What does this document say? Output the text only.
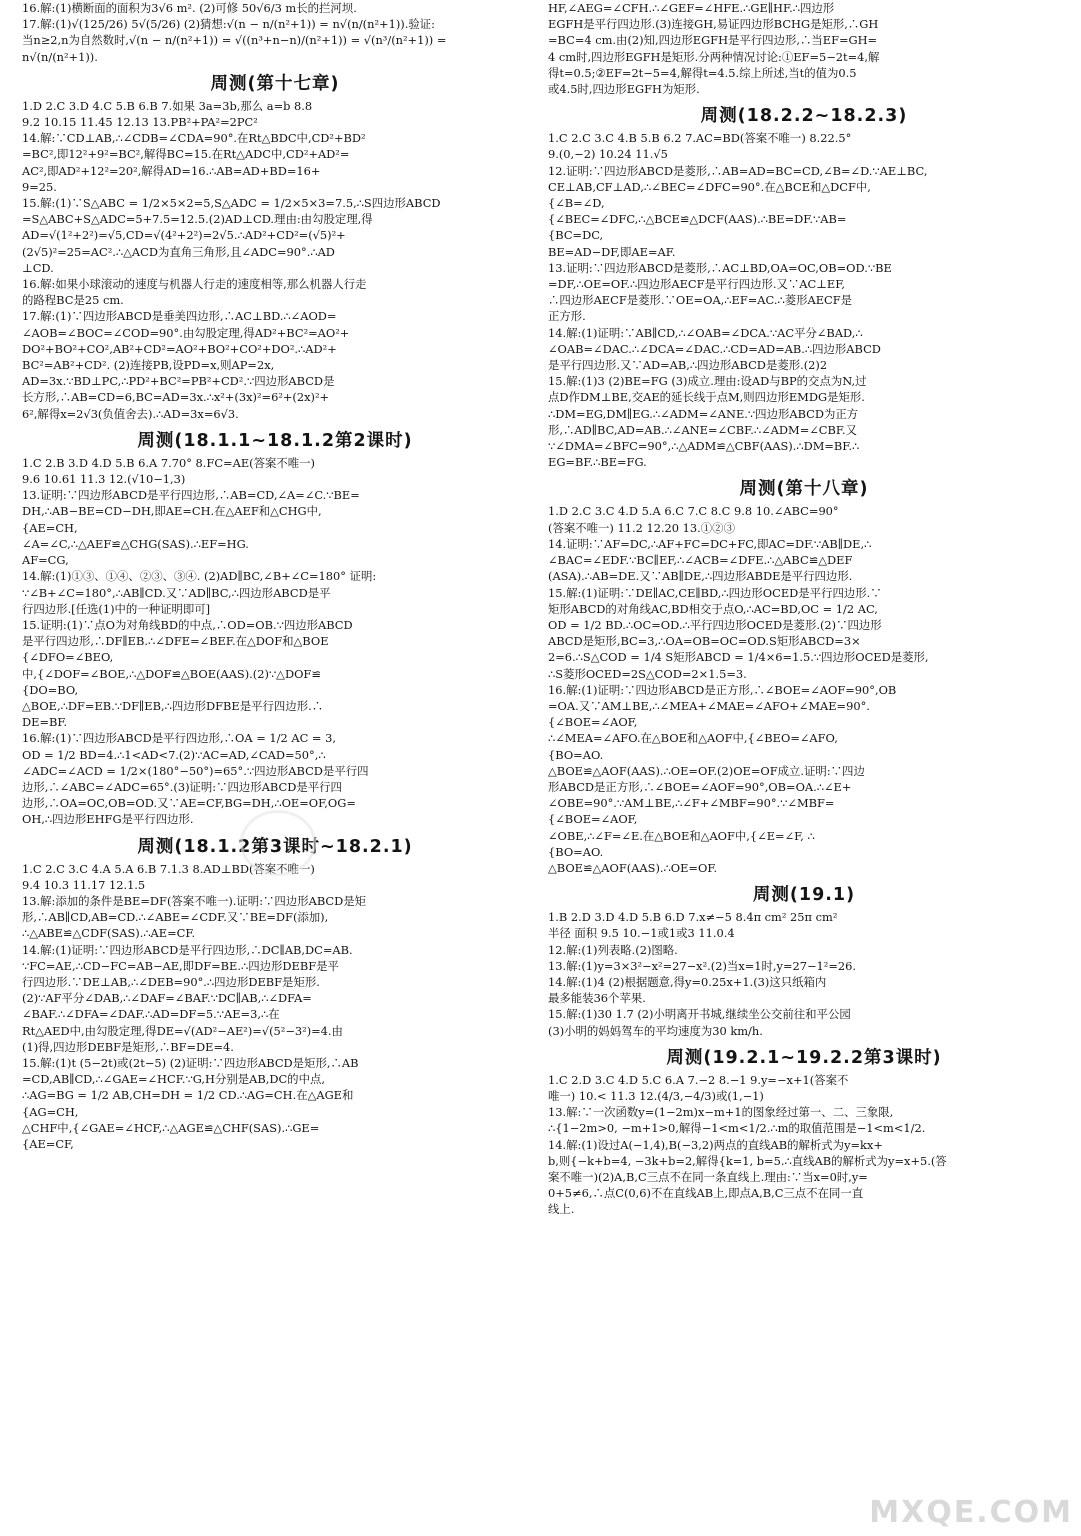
16.解:(1)横断面的面积为3√6 m². (2)可修 50√6/3 m长的拦河坝.
17.解:(1)√(125/26) 5√(5/26) (2)猜想:√(n − n/(n²+1)) = n√(n/(n²+1)).验证:
当n≥2,n为自然数时,√(n − n/(n²+1)) = √((n³+n−n)/(n²+1)) = √(n³/(n²+1)) =
n√(n/(n²+1)).
周测(第十七章)
1.D 2.C 3.D 4.C 5.B 6.B 7.如果 3a=3b,那么 a=b 8.8
9.2 10.15 11.45 12.13 13.PB²+PA²=2PC²
14.解:∵CD⊥AB,∴∠CDB=∠CDA=90°.在Rt△BDC中,CD²+BD²
=BC²,即12²+9²=BC²,解得BC=15.在Rt△ADC中,CD²+AD²=
AC²,即AD²+12²=20²,解得AD=16.∴AB=AD+BD=16+
9=25.
15.解:(1)∵S△ABC = 1/2×5×2=5,S△ADC = 1/2×5×3=7.5,∴S四边形ABCD
=S△ABC+S△ADC=5+7.5=12.5.(2)AD⊥CD.理由:由勾股定理,得
AD=√(1²+2²)=√5,CD=√(4²+2²)=2√5.∴AD²+CD²=(√5)²+
(2√5)²=25=AC².∴△ACD为直角三角形,且∠ADC=90°.∴AD
⊥CD.
16.解:如果小球滚动的速度与机器人行走的速度相等,那么机器人行走
的路程BC是25 cm.
17.解:(1)∵四边形ABCD是垂美四边形,∴AC⊥BD.∴∠AOD=
∠AOB=∠BOC=∠COD=90°.由勾股定理,得AD²+BC²=AO²+
DO²+BO²+CO²,AB²+CD²=AO²+BO²+CO²+DO².∴AD²+
BC²=AB²+CD². (2)连接PB,设PD=x,则AP=2x,
AD=3x.∵BD⊥PC,∴PD²+BC²=PB²+CD².∵四边形ABCD是
长方形,∴AB=CD=6,BC=AD=3x.∴x²+(3x)²=6²+(2x)²+
6²,解得x=2√3(负值舍去).∴AD=3x=6√3.
周测(18.1.1~18.1.2第2课时)
1.C 2.B 3.D 4.D 5.B 6.A 7.70° 8.FC=AE(答案不唯一)
9.6 10.61 11.3 12.(√10−1,3)
13.证明:∵四边形ABCD是平行四边形,∴AB=CD,∠A=∠C.∵BE=
DH,∴AB−BE=CD−DH,即AE=CH.在△AEF和△CHG中,
{AE=CH,
∠A=∠C,∴△AEF≌△CHG(SAS).∴EF=HG.
AF=CG,
14.解:(1)①③、①④、②③、③④. (2)AD∥BC,∠B+∠C=180° 证明:
∵∠B+∠C=180°,∴AB∥CD.又∵AD∥BC,∴四边形ABCD是平
行四边形.[任选(1)中的一种证明即可]
15.证明:(1)∵点O为对角线BD的中点,∴OD=OB.∵四边形ABCD
是平行四边形,∴DF∥EB.∴∠DFE=∠BEF.在△DOF和△BOE
{∠DFO=∠BEO,
中,{∠DOF=∠BOE,∴△DOF≌△BOE(AAS).(2)∵△DOF≌
{DO=BO,
△BOE,∴DF=EB.∵DF∥EB,∴四边形DFBE是平行四边形.∴
DE=BF.
16.解:(1)∵四边形ABCD是平行四边形,∴OA = 1/2 AC = 3,
OD = 1/2 BD=4.∴1<AD<7.(2)∵AC=AD,∠CAD=50°,∴
∠ADC=∠ACD = 1/2×(180°−50°)=65°.∵四边形ABCD是平行四
边形,∴∠ABC=∠ADC=65°.(3)证明:∵四边形ABCD是平行四
边形,∴OA=OC,OB=OD.又∵AE=CF,BG=DH,∴OE=OF,OG=
OH,∴四边形EHFG是平行四边形.
周测(18.1.2第3课时~18.2.1)
1.C 2.C 3.C 4.A 5.A 6.B 7.1.3 8.AD⊥BD(答案不唯一)
9.4 10.3 11.17 12.1.5
13.解:添加的条件是BE=DF(答案不唯一).证明:∵四边形ABCD是矩
形,∴AB∥CD,AB=CD.∴∠ABE=∠CDF.又∵BE=DF(添加),
∴△ABE≌△CDF(SAS).∴AE=CF.
14.解:(1)证明:∵四边形ABCD是平行四边形,∴DC∥AB,DC=AB.
∵FC=AE,∴CD−FC=AB−AE,即DF=BE.∴四边形DEBF是平
行四边形.∵DE⊥AB,∴∠DEB=90°.∴四边形DEBF是矩形.
(2)∵AF平分∠DAB,∴∠DAF=∠BAF.∵DC∥AB,∴∠DFA=
∠BAF.∴∠DFA=∠DAF.∴AD=DF=5.∵AE=3,∴在
Rt△AED中,由勾股定理,得DE=√(AD²−AE²)=√(5²−3²)=4.由
(1)得,四边形DEBF是矩形,∴BF=DE=4.
15.解:(1)t (5−2t)或(2t−5) (2)证明:∵四边形ABCD是矩形,∴AB
=CD,AB∥CD,∴∠GAE=∠HCF.∵G,H分别是AB,DC的中点,
∴AG=BG = 1/2 AB,CH=DH = 1/2 CD.∴AG=CH.在△AGE和
{AG=CH,
△CHF中,{∠GAE=∠HCF,∴△AGE≌△CHF(SAS).∴GE=
{AE=CF,
HF,∠AEG=∠CFH.∴∠GEF=∠HFE.∴GE∥HF.∴四边形
EGFH是平行四边形.(3)连接GH,易证四边形BCHG是矩形,∴GH
=BC=4 cm.由(2)知,四边形EGFH是平行四边形,∴当EF=GH=
4 cm时,四边形EGFH是矩形.分两种情况讨论:①EF=5−2t=4,解
得t=0.5;②EF=2t−5=4,解得t=4.5.综上所述,当t的值为0.5
或4.5时,四边形EGFH为矩形.
周测(18.2.2~18.2.3)
1.C 2.C 3.C 4.B 5.B 6.2 7.AC=BD(答案不唯一) 8.22.5°
9.(0,−2) 10.24 11.√5
12.证明:∵四边形ABCD是菱形,∴AB=AD=BC=CD,∠B=∠D.∵AE⊥BC,
CE⊥AB,CF⊥AD,∴∠BEC=∠DFC=90°.在△BCE和△DCF中,
{∠B=∠D,
{∠BEC=∠DFC,∴△BCE≌△DCF(AAS).∴BE=DF.∵AB=
{BC=DC,
BE=AD−DF,即AE=AF.
13.证明:∵四边形ABCD是菱形,∴AC⊥BD,OA=OC,OB=OD.∵BE
=DF,∴OE=OF.∴四边形AECF是平行四边形.又∵AC⊥EF,
∴四边形AECF是菱形.∵OE=OA,∴EF=AC.∴菱形AECF是
正方形.
14.解:(1)证明:∵AB∥CD,∴∠OAB=∠DCA.∵AC平分∠BAD,∴
∠OAB=∠DAC.∴∠DCA=∠DAC.∴CD=AD=AB.∴四边形ABCD
是平行四边形.又∵AD=AB,∴四边形ABCD是菱形.(2)2
15.解:(1)3 (2)BE=FG (3)成立.理由:设AD与BP的交点为N,过
点D作DM⊥BE,交AE的延长线于点M,则四边形EMDG是矩形.
∴DM=EG,DM∥EG.∴∠ADM=∠ANE.∵四边形ABCD为正方
形,∴AD∥BC,AD=AB.∴∠ANE=∠CBF.∴∠ADM=∠CBF.又
∵∠DMA=∠BFC=90°,∴△ADM≌△CBF(AAS).∴DM=BF.∴
EG=BF.∴BE=FG.
周测(第十八章)
1.D 2.C 3.C 4.D 5.A 6.C 7.C 8.C 9.8 10.∠ABC=90°
(答案不唯一) 11.2 12.20 13.①②③
14.证明:∵AF=DC,∴AF+FC=DC+FC,即AC=DF.∵AB∥DE,∴
∠BAC=∠EDF.∵BC∥EF,∴∠ACB=∠DFE.∴△ABC≌△DEF
(ASA).∴AB=DE.又∵AB∥DE,∴四边形ABDE是平行四边形.
15.解:(1)证明:∵DE∥AC,CE∥BD,∴四边形OCED是平行四边形.∵
矩形ABCD的对角线AC,BD相交于点O,∴AC=BD,OC = 1/2 AC,
OD = 1/2 BD.∴OC=OD.∴平行四边形OCED是菱形.(2)∵四边形
ABCD是矩形,BC=3,∴OA=OB=OC=OD.S矩形ABCD=3×
2=6.∴S△COD = 1/4 S矩形ABCD = 1/4×6=1.5.∵四边形OCED是菱形,
∴S菱形OCED=2S△COD=2×1.5=3.
16.解:(1)证明:∵四边形ABCD是正方形,∴∠BOE=∠AOF=90°,OB
=OA.又∵AM⊥BE,∴∠MEA+∠MAE=∠AFO+∠MAE=90°.
{∠BOE=∠AOF,
∴∠MEA=∠AFO.在△BOE和△AOF中,{∠BEO=∠AFO,
{BO=AO.
△BOE≌△AOF(AAS).∴OE=OF.(2)OE=OF成立.证明:∵四边
形ABCD是正方形,∴∠BOE=∠AOF=90°,OB=OA.∴∠E+
∠OBE=90°.∵AM⊥BE,∴∠F+∠MBF=90°.∵∠MBF=
{∠BOE=∠AOF,
∠OBE,∴∠F=∠E.在△BOE和△AOF中,{∠E=∠F, ∴
{BO=AO.
△BOE≌△AOF(AAS).∴OE=OF.
周测(19.1)
1.B 2.D 3.D 4.D 5.B 6.D 7.x≠−5 8.4π cm² 25π cm²
半径 面积 9.5 10.−1或1或3 11.0.4
12.解:(1)列表略.(2)图略.
13.解:(1)y=3×3²−x²=27−x².(2)当x=1时,y=27−1²=26.
14.解:(1)4 (2)根据题意,得y=0.25x+1.(3)这只纸箱内
最多能装36个苹果.
15.解:(1)30 1.7 (2)小明离开书城,继续坐公交前往和平公园
(3)小明的妈妈驾车的平均速度为30 km/h.
周测(19.2.1~19.2.2第3课时)
1.C 2.D 3.C 4.D 5.C 6.A 7.−2 8.−1 9.y=−x+1(答案不
唯一) 10.< 11.3 12.(4/3,−4/3)或(1,−1)
13.解:∵一次函数y=(1−2m)x−m+1的图象经过第一、二、三象限,
∴{1−2m>0, −m+1>0,解得−1<m<1/2.∴m的取值范围是−1<m<1/2.
14.解:(1)设过A(−1,4),B(−3,2)两点的直线AB的解析式为y=kx+
b,则{−k+b=4, −3k+b=2,解得{k=1, b=5.∴直线AB的解析式为y=x+5.(答
案不唯一)(2)A,B,C三点不在同一条直线上.理由:∵当x=0时,y=
0+5≠6,∴点C(0,6)不在直线AB上,即点A,B,C三点不在同一直
线上.
MXQE.COM
